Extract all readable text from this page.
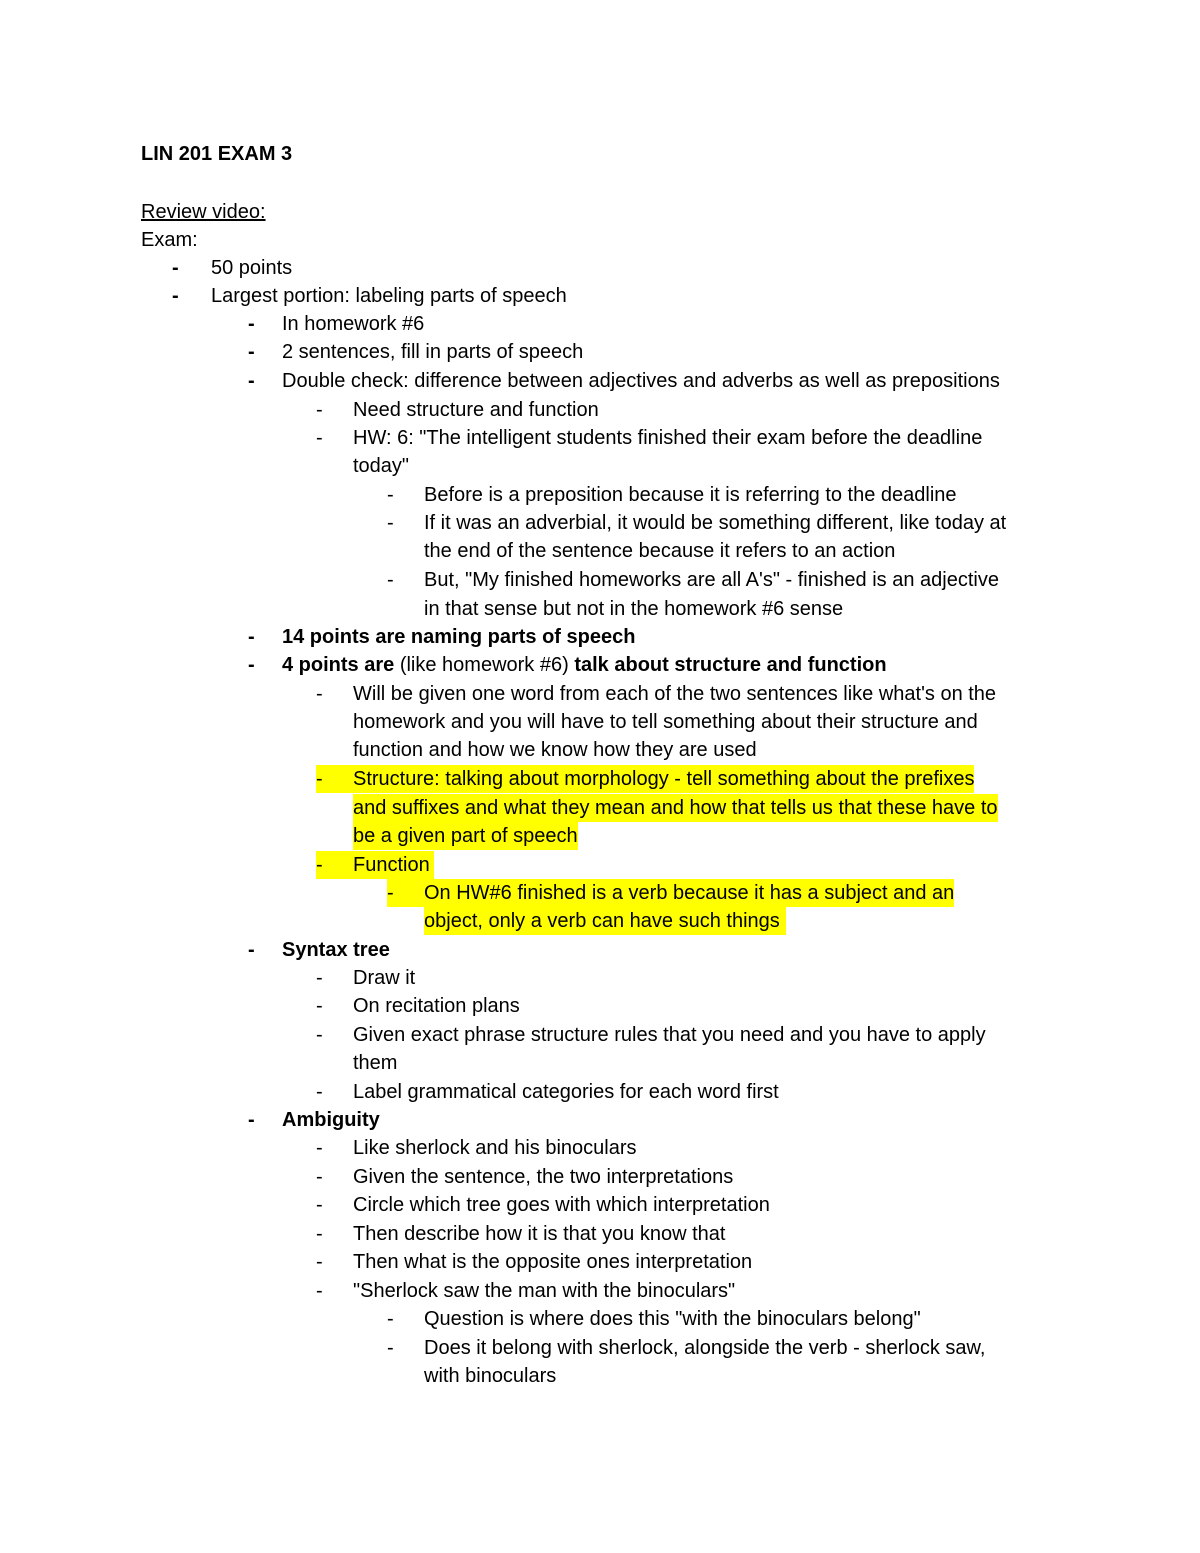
LIN 201 EXAM 3
Review video:
Exam:
-	50 points
-	Largest portion: labeling parts of speech
-	In homework #6
-	2 sentences, fill in parts of speech
-	Double check: difference between adjectives and adverbs as well as prepositions
-	Need structure and function
-	HW: 6: "The intelligent students finished their exam before the deadline
today"
-	Before is a preposition because it is referring to the deadline
-	If it was an adverbial, it would be something different, like today at
the end of the sentence because it refers to an action
-	But, "My finished homeworks are all A's" - finished is an adjective
in that sense but not in the homework #6 sense
-	14 points are naming parts of speech
-	4 points are (like homework #6) talk about structure and function
-	Will be given one word from each of the two sentences like what's on the
homework and you will have to tell something about their structure and
function and how we know how they are used
-	Structure: talking about morphology - tell something about the prefixes
and suffixes and what they mean and how that tells us that these have to
be a given part of speech
-	Function
-	On HW#6 finished is a verb because it has a subject and an
object, only a verb can have such things
-	Syntax tree
-	Draw it
-	On recitation plans
-	Given exact phrase structure rules that you need and you have to apply
them
-	Label grammatical categories for each word first
-	Ambiguity
-	Like sherlock and his binoculars
-	Given the sentence, the two interpretations
-	Circle which tree goes with which interpretation
-	Then describe how it is that you know that
-	Then what is the opposite ones interpretation
-	"Sherlock saw the man with the binoculars"
-	Question is where does this "with the binoculars belong"
-	Does it belong with sherlock, alongside the verb - sherlock saw,
with binoculars
